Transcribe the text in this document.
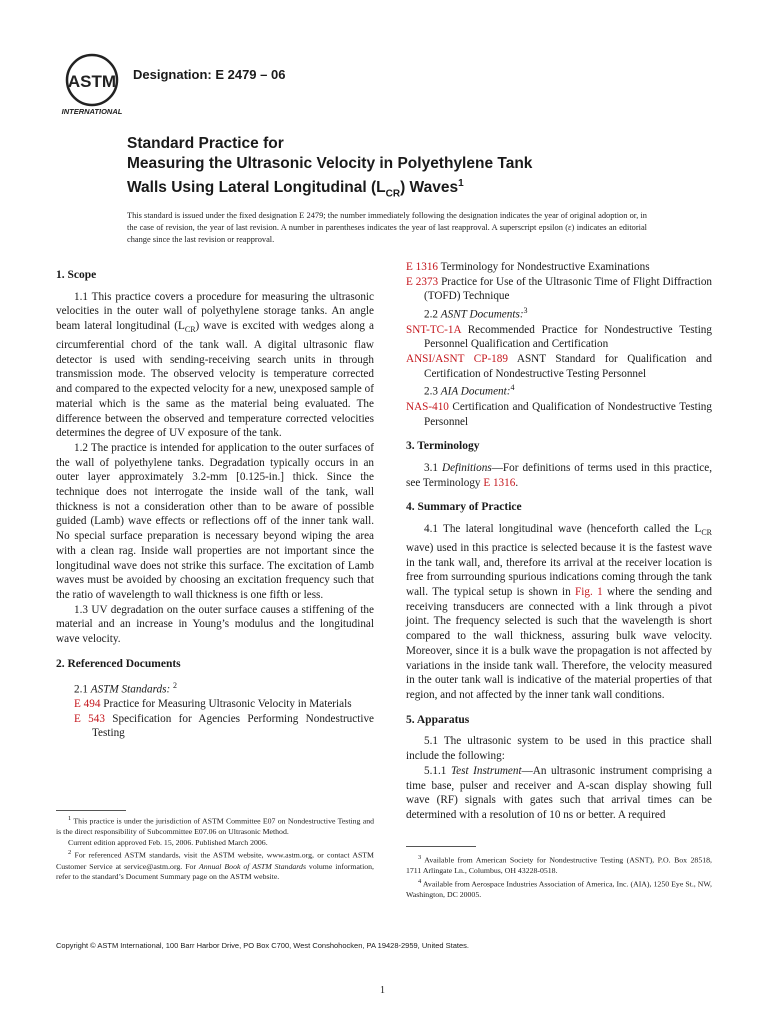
ASTM
INTERNATIONAL
Designation: E 2479 – 06
Standard Practice for
Measuring the Ultrasonic Velocity in Polyethylene Tank
Walls Using Lateral Longitudinal $(L_{CR})$ Waves$^1$
This standard is issued under the fixed designation E 2479; the number immediately following the designation indicates the year of original adoption or, in the case of revision, the year of last revision. A number in parentheses indicates the year of last reapproval. A superscript epsilon (ε) indicates an editorial change since the last revision or reapproval.

1. Scope

1.1 This practice covers a procedure for measuring the ultrasonic velocities in the outer wall of polyethylene storage tanks. An angle beam lateral longitudinal $(L_{CR})$ wave is excited with wedges along a circumferential chord of the tank wall. A digital ultrasonic flaw detector is used with sending-receiving search units in through transmission mode. The observed velocity is temperature corrected and compared to the expected velocity for a new, unexposed sample of material which is the same as the material being evaluated. The difference between the observed and temperature corrected velocities determines the degree of UV exposure of the tank.

1.2 The practice is intended for application to the outer surfaces of the wall of polyethylene tanks. Degradation typically occurs in an outer layer approximately 3.2-mm [0.125-in.] thick. Since the technique does not interrogate the inside wall of the tank, wall thickness is not a consideration other than to be aware of possible guided (Lamb) wave effects or reflections off of the inner tank wall. No special surface preparation is necessary beyond wiping the area with a clean rag. Inside wall properties are not important since the longitudinal wave does not strike this surface. The excitation of Lamb waves must be avoided by choosing an excitation frequency such that the ratio of wavelength to wall thickness is one fifth or less.

1.3 UV degradation on the outer surface causes a stiffening of the material and an increase in Young’s modulus and the longitudinal wave velocity.

2. Referenced Documents

2.1 ASTM Standards: $^2$

E 494 Practice for Measuring Ultrasonic Velocity in Materials
E 543 Specification for Agencies Performing Nondestructive Testing

$^1$ This practice is under the jurisdiction of ASTM Committee E07 on Nondestructive Testing and is the direct responsibility of Subcommittee E07.06 on Ultrasonic Method.

Current edition approved Feb. 15, 2006. Published March 2006.

$^2$ For referenced ASTM standards, visit the ASTM website, www.astm.org, or contact ASTM Customer Service at service@astm.org. For Annual Book of ASTM Standards volume information, refer to the standard’s Document Summary page on the ASTM website.

E 1316 Terminology for Nondestructive Examinations
E 2373 Practice for Use of the Ultrasonic Time of Flight Diffraction (TOFD) Technique

2.2 ASNT Documents:$^3$

SNT-TC-1A Recommended Practice for Nondestructive Testing Personnel Qualification and Certification
ANSI/ASNT CP-189 ASNT Standard for Qualification and Certification of Nondestructive Testing Personnel

2.3 AIA Document:$^4$

NAS-410 Certification and Qualification of Nondestructive Testing Personnel

3. Terminology

3.1 Definitions—For definitions of terms used in this practice, see Terminology E 1316.

4. Summary of Practice

4.1 The lateral longitudinal wave (henceforth called the $L_{CR}$ wave) used in this practice is selected because it is the fastest wave in the tank wall, and, therefore its arrival at the receiver location is free from surrounding spurious indications coming through the tank wall. The typical setup is shown in Fig. 1 where the sending and receiving transducers are connected with a link through a pivot joint. The frequency selected is such that the wavelength is short compared to the wall thickness, assuring bulk wave velocity. Moreover, since it is a bulk wave the propagation is not affected by variations in the inside tank wall. Therefore, the velocity measured in the outer tank wall is indicative of the material properties of that region, and not affected by the inner tank wall conditions.

5. Apparatus

5.1 The ultrasonic system to be used in this practice shall include the following:

5.1.1 Test Instrument—An ultrasonic instrument comprising a time base, pulser and receiver and A-scan display showing full wave (RF) signals with gates such that arrival times can be determined with a resolution of 10 ns or better. A required

$^3$ Available from American Society for Nondestructive Testing (ASNT), P.O. Box 28518, 1711 Arlingate Ln., Columbus, OH 43228-0518.

$^4$ Available from Aerospace Industries Association of America, Inc. (AIA), 1250 Eye St., NW, Washington, DC 20005.

Copyright © ASTM International, 100 Barr Harbor Drive, PO Box C700, West Conshohocken, PA 19428-2959, United States.
1
